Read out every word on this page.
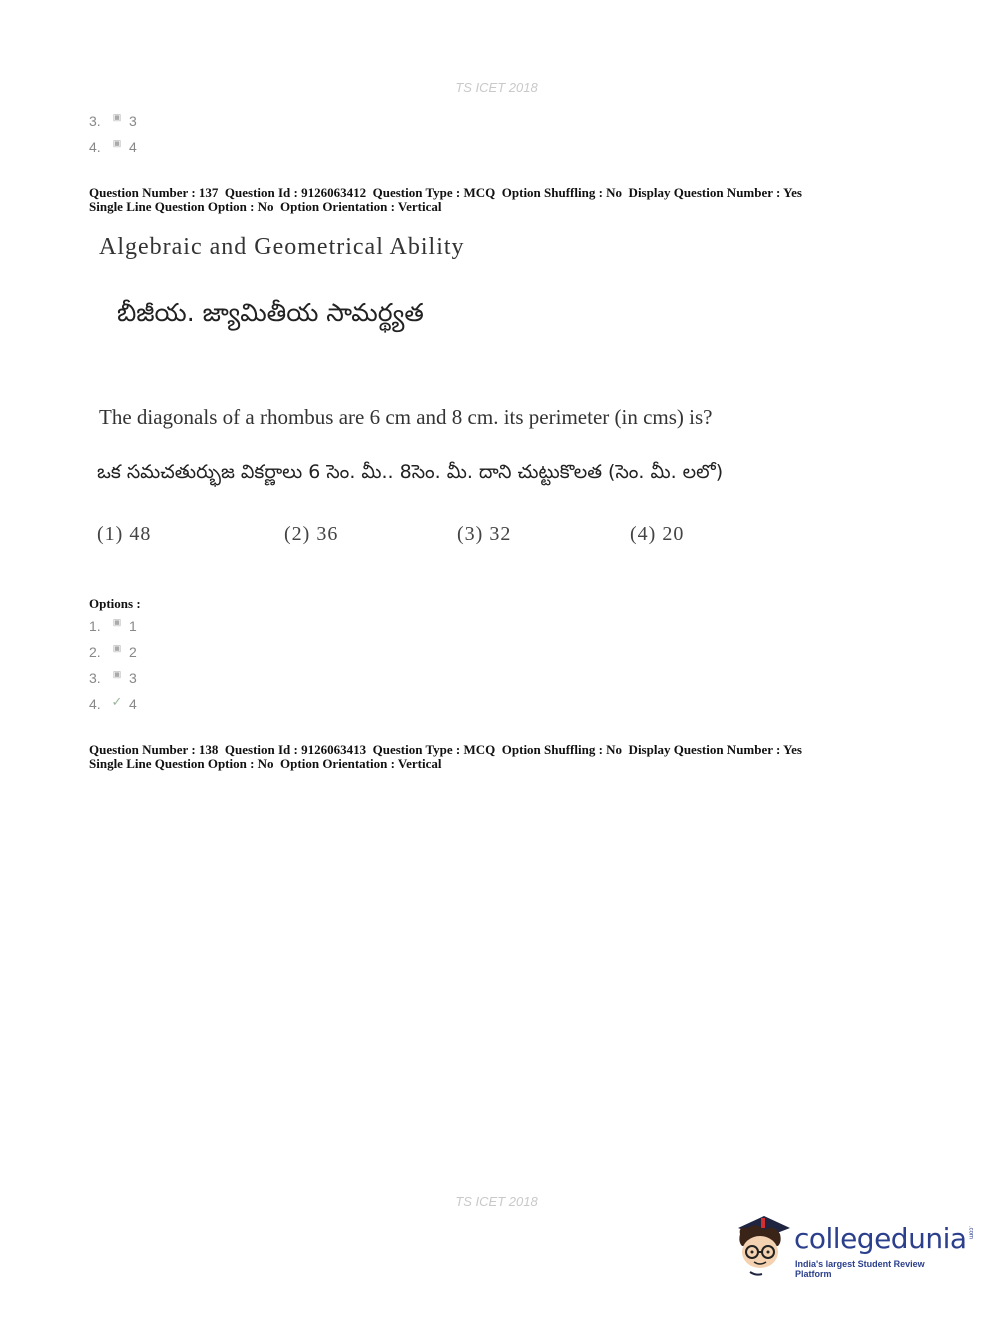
TS ICET 2018
3.	▣ 3
4.	▣ 4
Question Number : 137  Question Id : 9126063412  Question Type : MCQ  Option Shuffling : No  Display Question Number : Yes
Single Line Question Option : No  Option Orientation : Vertical
Algebraic and Geometrical Ability
బీజీయ. జ్యామితీయ సామర్థ్యత
The diagonals of a rhombus are 6 cm and 8 cm. its perimeter (in cms) is?
ఒక సమచతుర్భుజ వికర్ణాలు 6 సెం. మీ.. 8సెం. మీ. దాని చుట్టుకొలత (సెం. మీ. లలో)
(1) 48	(2) 36	(3) 32	(4) 20
Options :
1.	▣ 1
2.	▣ 2
3.	▣ 3
4. ✓ 4
Question Number : 138  Question Id : 9126063413  Question Type : MCQ  Option Shuffling : No  Display Question Number : Yes
Single Line Question Option : No  Option Orientation : Vertical
TS ICET 2018
collegedunia .com
India's largest Student Review Platform
